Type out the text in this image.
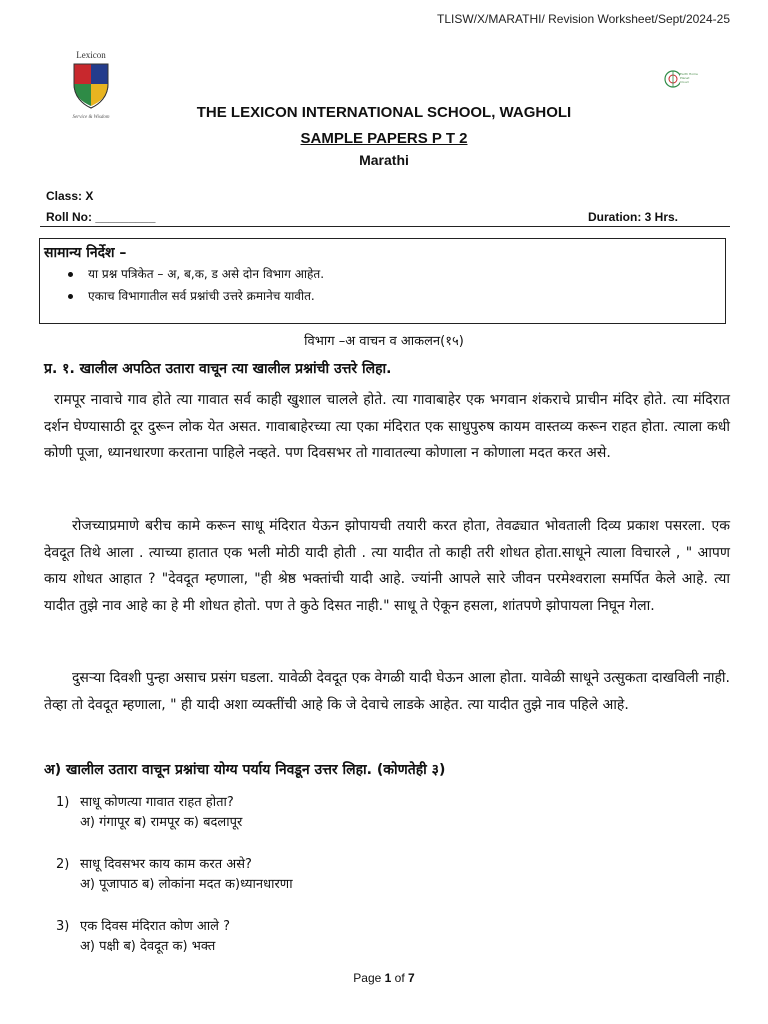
TLISW/X/MARATHI/ Revision Worksheet/Sept/2024-25
Lexicon
Service & Wisdom
Earth Home Planet Cloud
THE LEXICON INTERNATIONAL SCHOOL, WAGHOLI
SAMPLE PAPERS P T 2
Marathi
Class: X
Roll No: _________	Duration: 3 Hrs.
सामान्य निर्देश –
या प्रश्न पत्रिकेत – अ, ब,क, ड असे दोन विभाग आहेत.
एकाच विभागातील सर्व प्रश्नांची उत्तरे क्रमानेच यावीत.
विभाग –अ वाचन व आकलन(१५)
प्र. १. खालील अपठित उतारा वाचून त्या खालील प्रश्नांची उत्तरे लिहा.

रामपूर नावाचे गाव होते त्या गावात सर्व काही खुशाल चालले होते. त्या गावाबाहेर एक भगवान शंकराचे प्राचीन मंदिर होते. त्या मंदिरात दर्शन घेण्यासाठी दूर दुरून लोक येत असत. गावाबाहेरच्या त्या एका मंदिरात एक साधुपुरुष कायम वास्तव्य करून राहत होता. त्याला कधी कोणी पूजा, ध्यानधारणा करताना पाहिले नव्हते. पण दिवसभर तो गावातल्या कोणाला न कोणाला मदत करत असे.

रोजच्याप्रमाणे बरीच कामे करून साधू मंदिरात येऊन झोपायची तयारी करत होता, तेवढ्यात भोवताली दिव्य प्रकाश पसरला. एक देवदूत तिथे आला . त्याच्या हातात एक भली मोठी यादी होती . त्या यादीत तो काही तरी शोधत होता.साधूने त्याला विचारले , " आपण काय शोधत आहात ? "देवदूत म्हणाला, "ही श्रेष्ठ भक्तांची यादी आहे. ज्यांनी आपले सारे जीवन परमेश्वराला समर्पित केले आहे. त्या यादीत तुझे नाव आहे का हे मी शोधत होतो. पण ते कुठे दिसत नाही." साधू ते ऐकून हसला, शांतपणे झोपायला निघून गेला.

दुसऱ्या दिवशी पुन्हा असाच प्रसंग घडला. यावेळी देवदूत एक वेगळी यादी घेऊन आला होता. यावेळी साधूने उत्सुकता दाखविली नाही. तेव्हा तो देवदूत म्हणाला, " ही यादी अशा व्यक्तींची आहे कि जे देवाचे लाडके आहेत. त्या यादीत तुझे नाव पहिले आहे.

अ) खालील उतारा वाचून प्रश्नांचा योग्य पर्याय निवडून उत्तर लिहा. (कोणतेही ३)
1) साधू कोणत्या गावात राहत होता?
अ) गंगापूर ब) रामपूर क) बदलापूर
2) साधू दिवसभर काय काम करत असे?
अ) पूजापाठ ब) लोकांना मदत क)ध्यानधारणा
3) एक दिवस मंदिरात कोण आले ?
अ) पक्षी ब) देवदूत क) भक्त
Page 1 of 7
